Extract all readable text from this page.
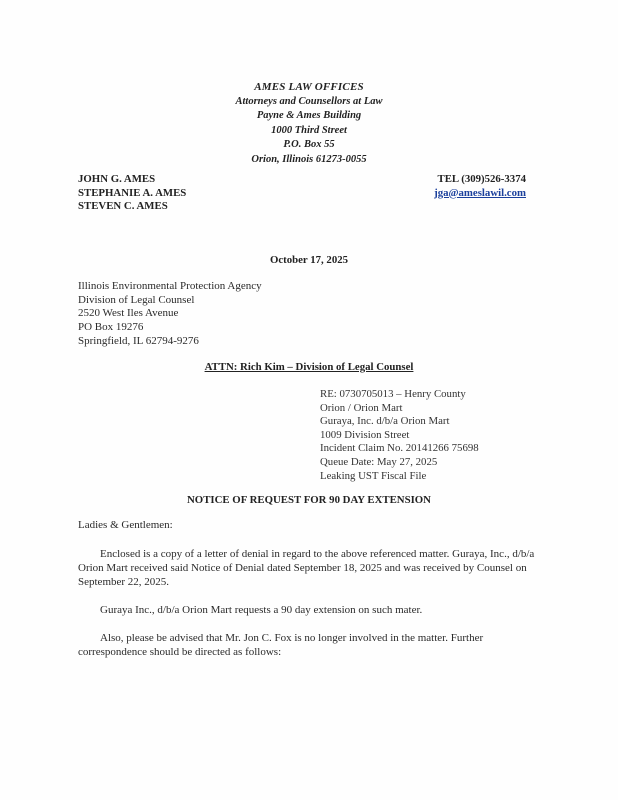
AMES LAW OFFICES
Attorneys and Counsellors at Law
Payne & Ames Building
1000 Third Street
P.O. Box 55
Orion, Illinois 61273-0055
JOHN G. AMES
STEPHANIE A. AMES
STEVEN C. AMES
TEL (309)526-3374
jga@ameslawil.com
October 17, 2025
Illinois Environmental Protection Agency
Division of Legal Counsel
2520 West Iles Avenue
PO Box 19276
Springfield, IL 62794-9276
ATTN: Rich Kim – Division of Legal Counsel
RE: 0730705013 – Henry County
Orion / Orion Mart
Guraya, Inc. d/b/a Orion Mart
1009 Division Street
Incident Claim No. 20141266 75698
Queue Date: May 27, 2025
Leaking UST Fiscal File
NOTICE OF REQUEST FOR 90 DAY EXTENSION
Ladies & Gentlemen:
Enclosed is a copy of a letter of denial in regard to the above referenced matter. Guraya, Inc., d/b/a Orion Mart received said Notice of Denial dated September 18, 2025 and was received by Counsel on September 22, 2025.
Guraya Inc., d/b/a Orion Mart requests a 90 day extension on such mater.
Also, please be advised that Mr. Jon C. Fox is no longer involved in the matter. Further correspondence should be directed as follows:
